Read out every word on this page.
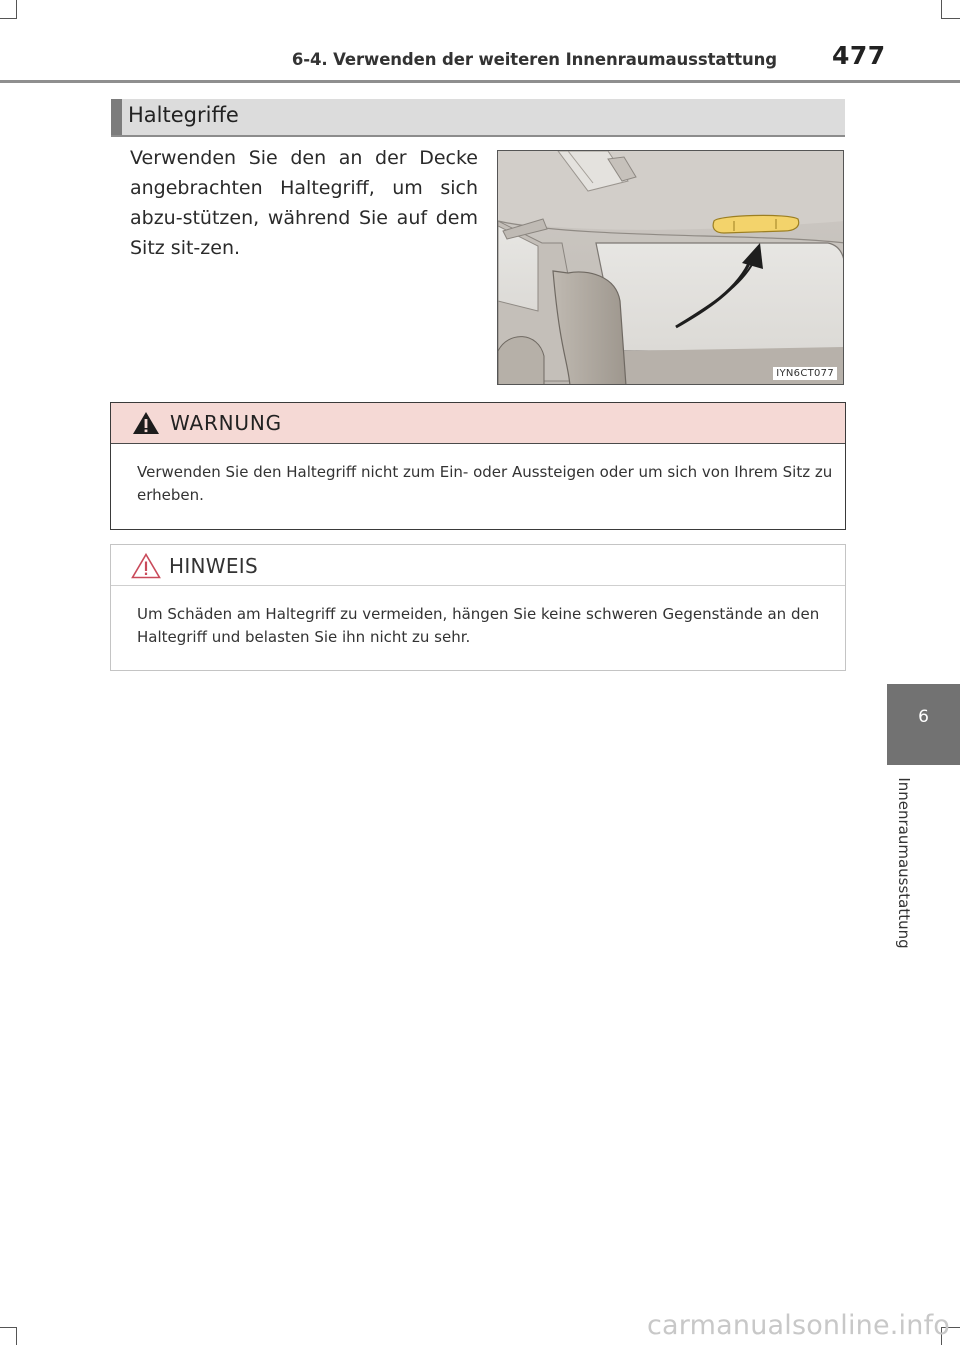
6-4. Verwenden der weiteren Innenraumausstattung 477
Haltegriffe

Verwenden Sie den an der Decke angebrachten Haltegriff, um sich abzu-stützen, während Sie auf dem Sitz sit-zen.

IYN6CT077
WARNUNG

Verwenden Sie den Haltegriff nicht zum Ein- oder Aussteigen oder um sich von Ihrem Sitz zu erheben.

HINWEIS

Um Schäden am Haltegriff zu vermeiden, hängen Sie keine schweren Gegenstände an den Haltegriff und belasten Sie ihn nicht zu sehr.

6
Innenraumausstattung
carmanualsonline.info
